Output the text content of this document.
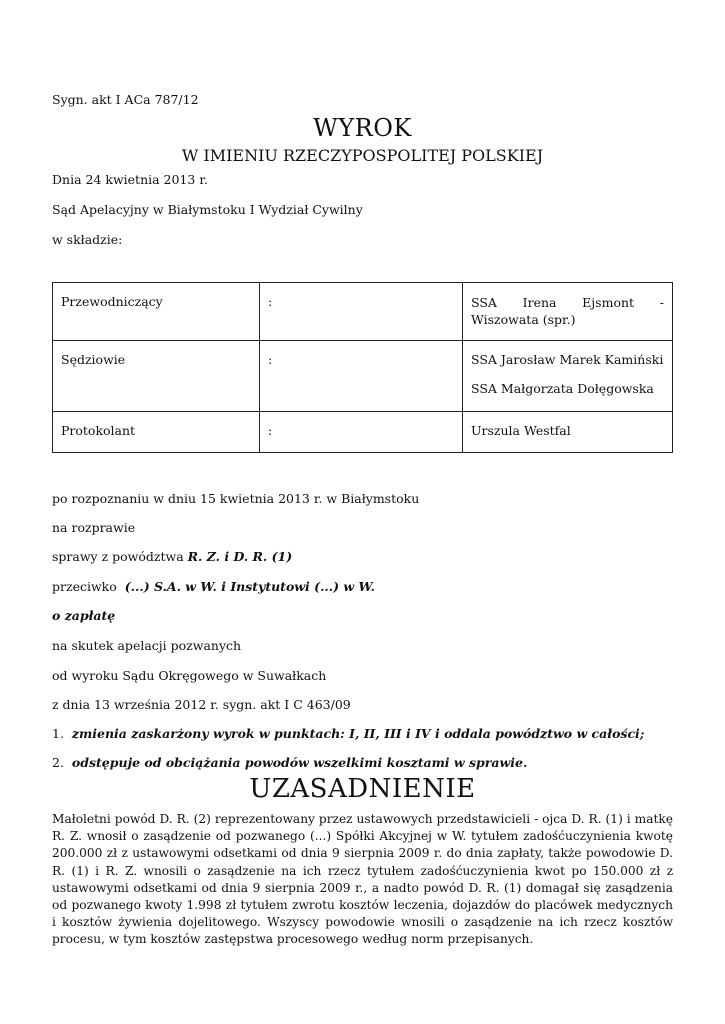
Sygn. akt I ACa 787/12
WYROK
W IMIENIU RZECZYPOSPOLITEJ POLSKIEJ
Dnia 24 kwietnia 2013 r.
Sąd Apelacyjny w Białymstoku I Wydział Cywilny
w składzie:
Przewodniczący	:	SSA Irena Ejsmont - Wiszowata (spr.)

Sędziowie	:	SSA Jarosław Marek Kamiński
SSA Małgorzata Dołęgowska

Protokolant	:	Urszula Westfal
po rozpoznaniu w dniu 15 kwietnia 2013 r. w Białymstoku
na rozprawie
sprawy z powództwa R. Z. i D. R. (1)
przeciwko (...) S.A. w W. i Instytutowi (...) w W.
o zapłatę
na skutek apelacji pozwanych
od wyroku Sądu Okręgowego w Suwałkach
z dnia 13 września 2012 r. sygn. akt I C 463/09
1. zmienia zaskarżony wyrok w punktach: I, II, III i IV i oddala powództwo w całości;
2. odstępuje od obciążania powodów wszelkimi kosztami w sprawie.
UZASADNIENIE
Małoletni powód D. R. (2) reprezentowany przez ustawowych przedstawicieli - ojca D. R. (1) i matkę R. Z. wnosił o zasądzenie od pozwanego (...) Spółki Akcyjnej w W. tytułem zadośćuczynienia kwotę 200.000 zł z ustawowymi odsetkami od dnia 9 sierpnia 2009 r. do dnia zapłaty, także powodowie D. R. (1) i R. Z. wnosili o zasądzenie na ich rzecz tytułem zadośćuczynienia kwot po 150.000 zł z ustawowymi odsetkami od dnia 9 sierpnia 2009 r., a nadto powód D. R. (1) domagał się zasądzenia od pozwanego kwoty 1.998 zł tytułem zwrotu kosztów leczenia, dojazdów do placówek medycznych i kosztów żywienia dojelitowego. Wszyscy powodowie wnosili o zasądzenie na ich rzecz kosztów procesu, w tym kosztów zastępstwa procesowego według norm przepisanych.
